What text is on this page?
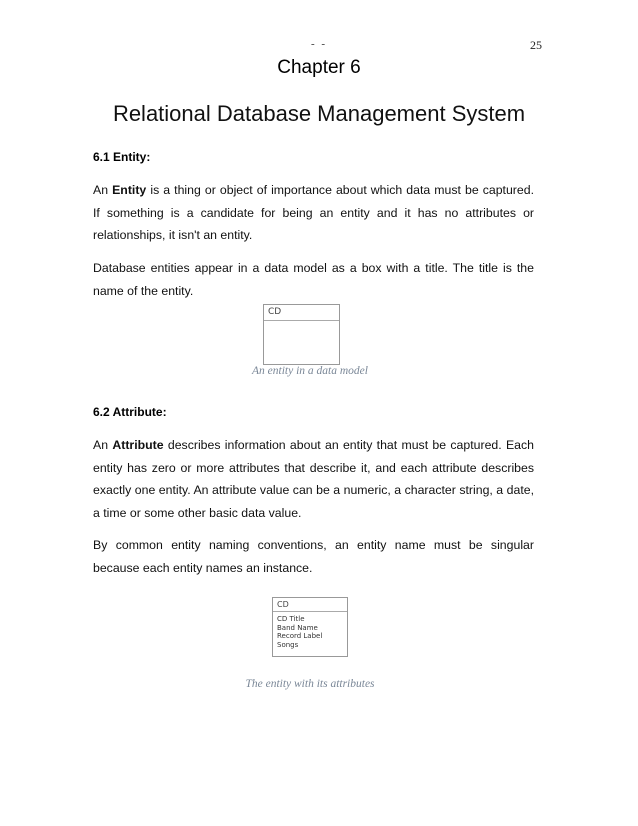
- -	25
Chapter 6
Relational Database Management System
6.1 Entity:
An Entity is a thing or object of importance about which data must be captured. If something is a candidate for being an entity and it has no attributes or relationships, it isn't an entity.
Database entities appear in a data model as a box with a title. The title is the name of the entity.
CD
An entity in a data model
6.2 Attribute:
An Attribute describes information about an entity that must be captured. Each entity has zero or more attributes that describe it, and each attribute describes exactly one entity. An attribute value can be a numeric, a character string, a date, a time or some other basic data value.
By common entity naming conventions, an entity name must be singular because each entity names an instance.
CD
CD Title
Band Name
Record Label
Songs
The entity with its attributes
